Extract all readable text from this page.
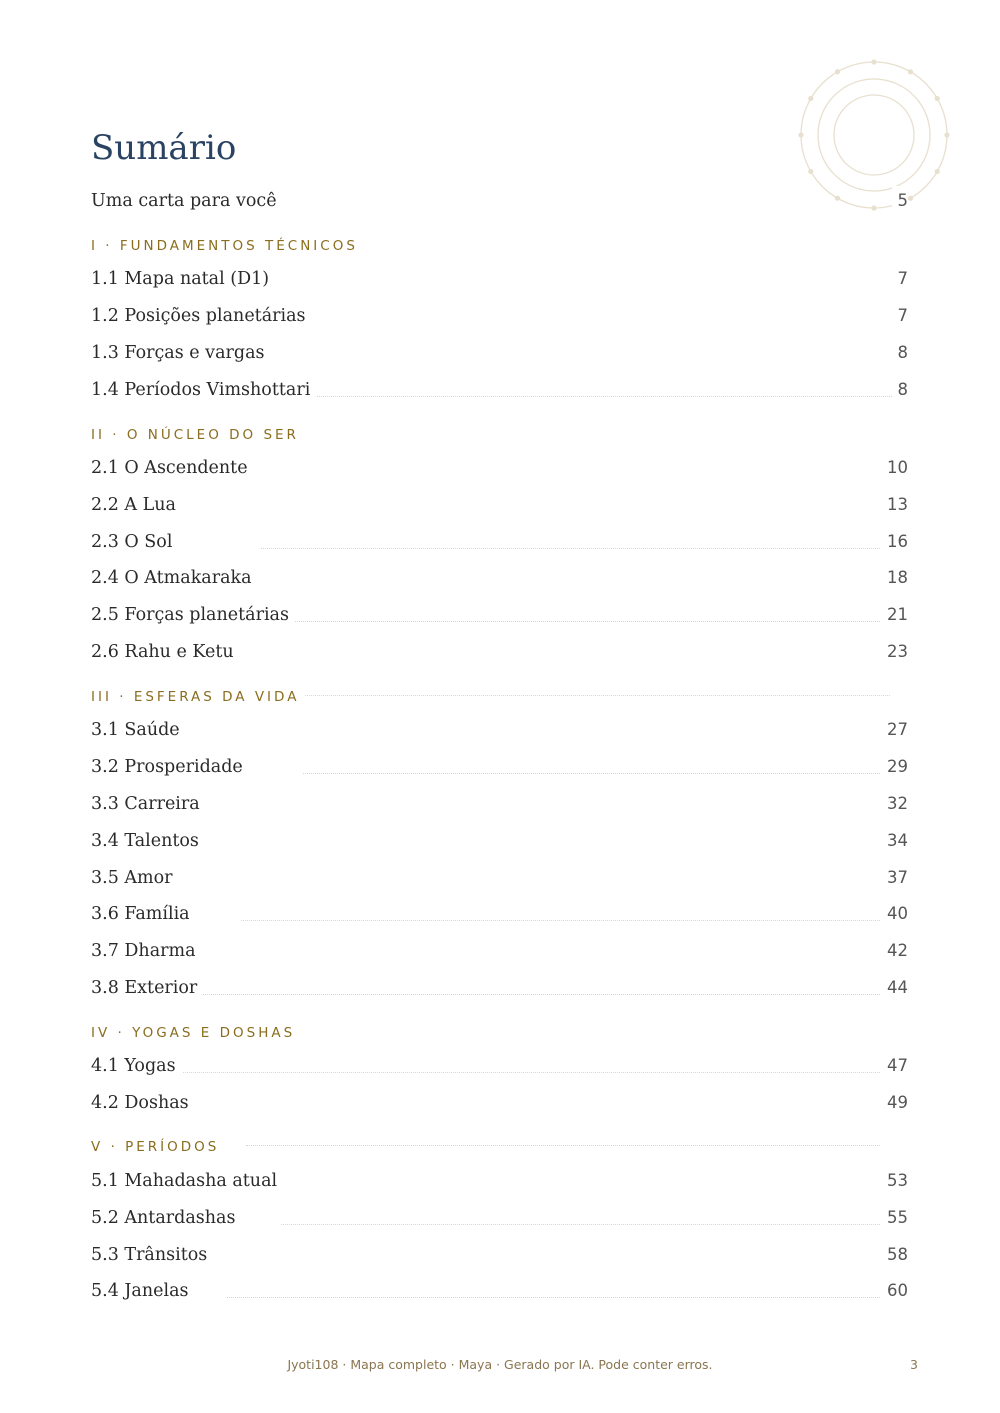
Sumário
Uma carta para você	5
I · FUNDAMENTOS TÉCNICOS
1.1 Mapa natal (D1)	7
1.2 Posições planetárias	7
1.3 Forças e vargas	8
1.4 Períodos Vimshottari	8
II · O NÚCLEO DO SER
2.1 O Ascendente	10
2.2 A Lua	13
2.3 O Sol	16
2.4 O Atmakaraka	18
2.5 Forças planetárias	21
2.6 Rahu e Ketu	23
III · ESFERAS DA VIDA
3.1 Saúde	27
3.2 Prosperidade	29
3.3 Carreira	32
3.4 Talentos	34
3.5 Amor	37
3.6 Família	40
3.7 Dharma	42
3.8 Exterior	44
IV · YOGAS E DOSHAS
4.1 Yogas	47
4.2 Doshas	49
V · PERÍODOS
5.1 Mahadasha atual	53
5.2 Antardashas	55
5.3 Trânsitos	58
5.4 Janelas	60
Jyoti108 · Mapa completo · Maya · Gerado por IA. Pode conter erros.	3
